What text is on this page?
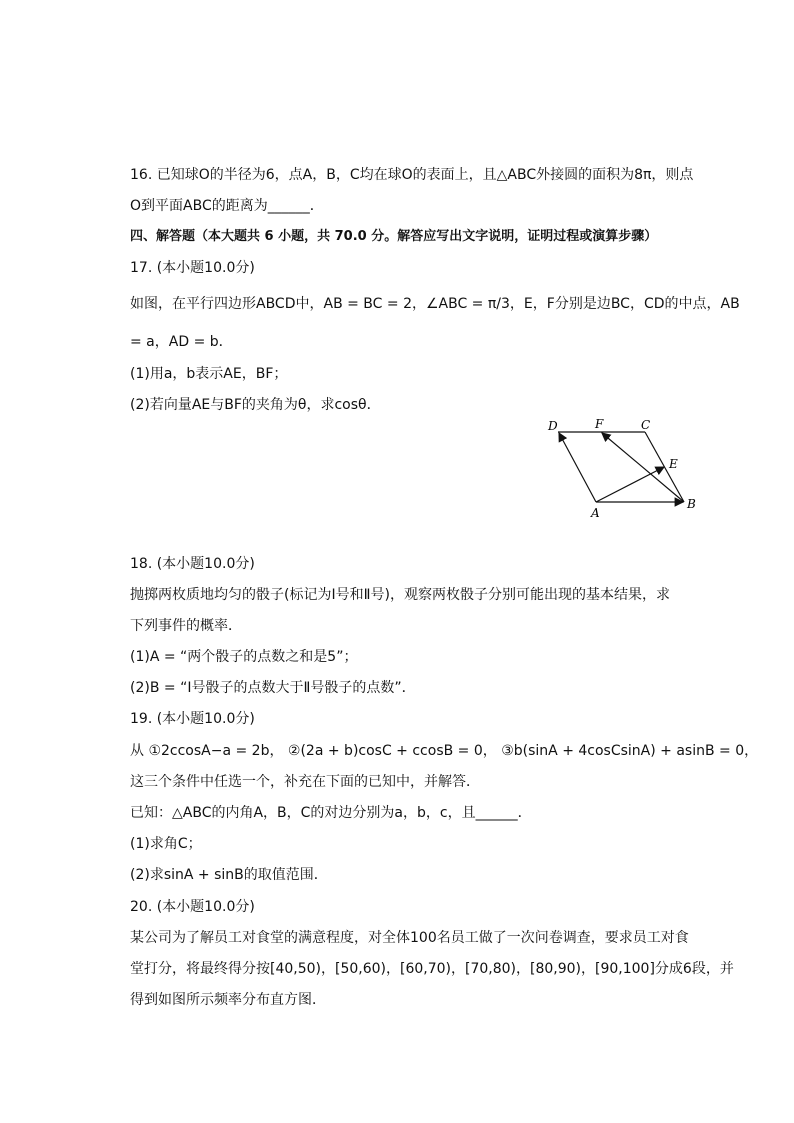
16. 已知球O的半径为6，点A，B，C均在球O的表面上，且△ABC外接圆的面积为8π，则点
O到平面ABC的距离为______．
四、解答题（本大题共 6 小题，共 70.0 分。解答应写出文字说明，证明过程或演算步骤）
17. (本小题10.0分)
如图，在平行四边形ABCD中，AB = BC = 2，∠ABC = π/3，E，F分别是边BC，CD的中点，AB
= a，AD = b．
(1)用a，b表示AE，BF；
(2)若向量AE与BF的夹角为θ，求cosθ．
D	F	C
E
A
B
18. (本小题10.0分)
抛掷两枚质地均匀的骰子(标记为Ⅰ号和Ⅱ号)，观察两枚骰子分别可能出现的基本结果，求
下列事件的概率．
(1)A = “两个骰子的点数之和是5”；
(2)B = “Ⅰ号骰子的点数大于Ⅱ号骰子的点数”．
19. (本小题10.0分)
从 ①2ccosA−a = 2b， ②(2a + b)cosC + ccosB = 0， ③b(sinA + 4cosCsinA) + asinB = 0，
这三个条件中任选一个，补充在下面的已知中，并解答．
已知：△ABC的内角A，B，C的对边分别为a，b，c，且______．
(1)求角C；
(2)求sinA + sinB的取值范围．
20. (本小题10.0分)
某公司为了解员工对食堂的满意程度，对全体100名员工做了一次问卷调查，要求员工对食
堂打分，将最终得分按[40,50)，[50,60)，[60,70)，[70,80)，[80,90)，[90,100]分成6段，并
得到如图所示频率分布直方图．
